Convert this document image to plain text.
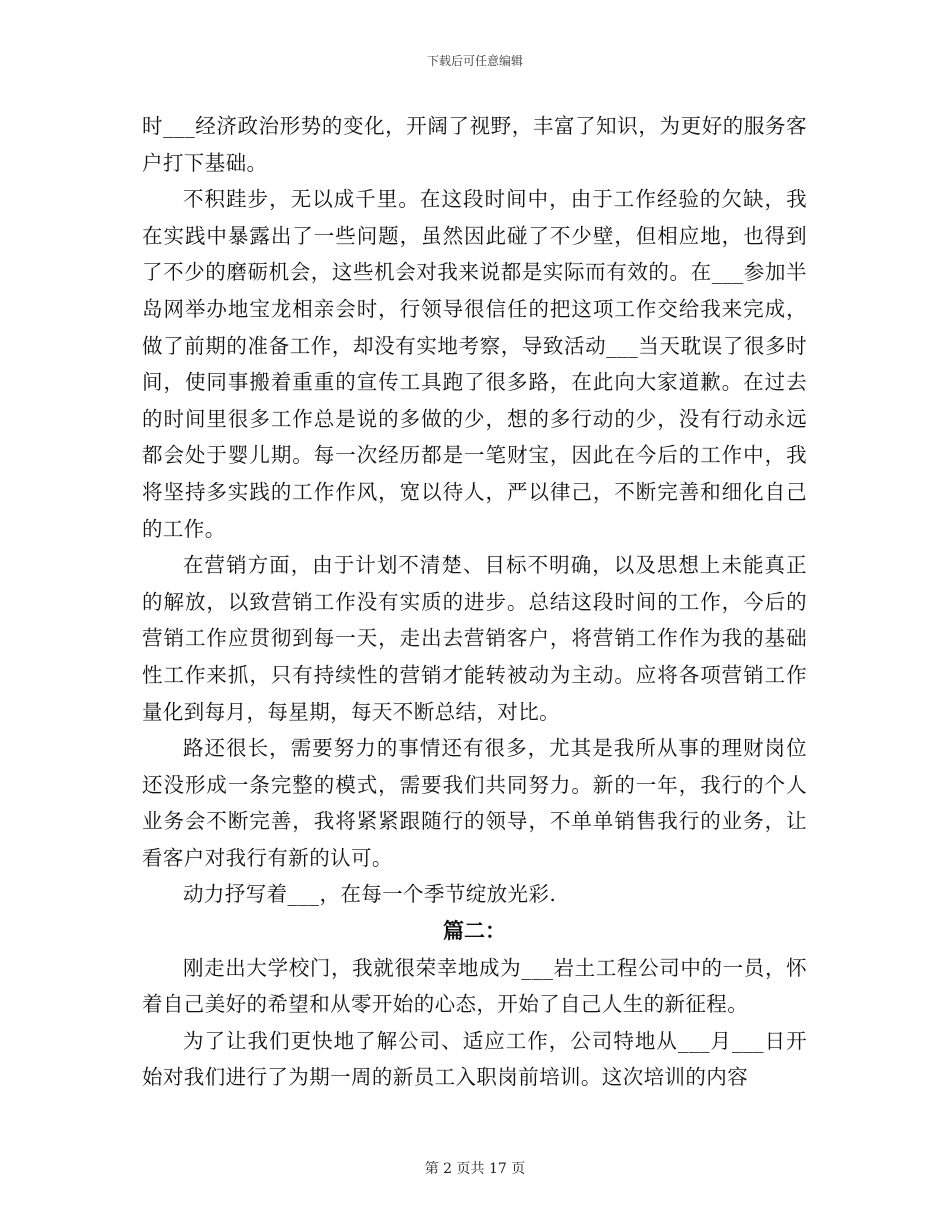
下载后可任意编辑

时___经济政治形势的变化，开阔了视野，丰富了知识，为更好的服务客户打下基础。

不积跬步，无以成千里。在这段时间中，由于工作经验的欠缺，我在实践中暴露出了一些问题，虽然因此碰了不少壁，但相应地，也得到了不少的磨砺机会，这些机会对我来说都是实际而有效的。在___参加半岛网举办地宝龙相亲会时，行领导很信任的把这项工作交给我来完成，做了前期的准备工作，却没有实地考察，导致活动___当天耽误了很多时间，使同事搬着重重的宣传工具跑了很多路，在此向大家道歉。在过去的时间里很多工作总是说的多做的少，想的多行动的少，没有行动永远都会处于婴儿期。每一次经历都是一笔财宝，因此在今后的工作中，我将坚持多实践的工作作风，宽以待人，严以律己，不断完善和细化自己的工作。

在营销方面，由于计划不清楚、目标不明确，以及思想上未能真正的解放，以致营销工作没有实质的进步。总结这段时间的工作，今后的营销工作应贯彻到每一天，走出去营销客户，将营销工作作为我的基础性工作来抓，只有持续性的营销才能转被动为主动。应将各项营销工作量化到每月，每星期，每天不断总结，对比。

路还很长，需要努力的事情还有很多，尤其是我所从事的理财岗位还没形成一条完整的模式，需要我们共同努力。新的一年，我行的个人业务会不断完善，我将紧紧跟随行的领导，不单单销售我行的业务，让看客户对我行有新的认可。

动力抒写着___，在每一个季节绽放光彩.

篇二：

刚走出大学校门，我就很荣幸地成为___岩土工程公司中的一员，怀着自己美好的希望和从零开始的心态，开始了自己人生的新征程。

为了让我们更快地了解公司、适应工作，公司特地从___月___日开始对我们进行了为期一周的新员工入职岗前培训。这次培训的内容

第 2 页共 17 页
